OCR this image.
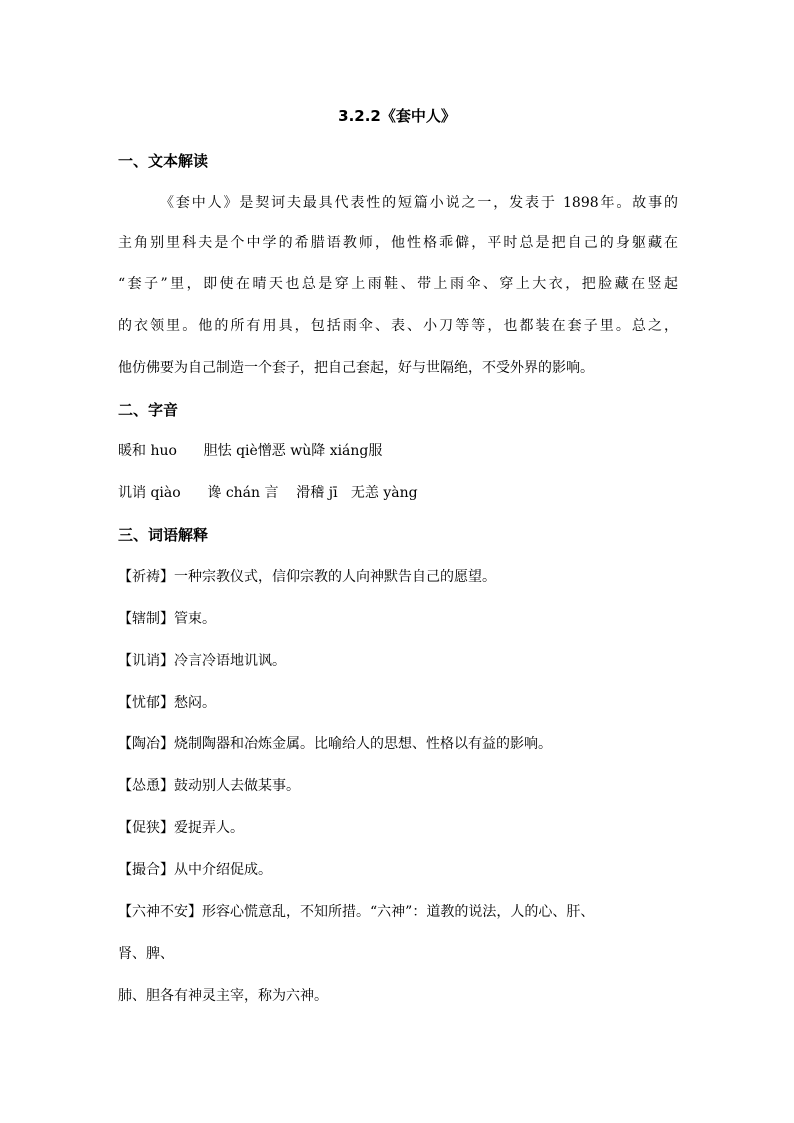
3.2.2《套中人》
一、文本解读
《套中人》是契诃夫最具代表性的短篇小说之一，发表于 1898年。故事的
主角别里科夫是个中学的希腊语教师，他性格乖僻，平时总是把自己的身躯藏在
“套子”里，即使在晴天也总是穿上雨鞋、带上雨伞、穿上大衣，把脸藏在竖起
的衣领里。他的所有用具，包括雨伞、表、小刀等等，也都装在套子里。总之，
他仿佛要为自己制造一个套子，把自己套起，好与世隔绝，不受外界的影响。
二、字音
暖和 huo      胆怯 qiè憎恶 wù降 xiáng服
讥诮 qiào      谗 chán 言    滑稽 jī   无恙 yàng
三、词语解释
【祈祷】一种宗教仪式，信仰宗教的人向神默告自己的愿望。
【辖制】管束。
【讥诮】冷言冷语地讥讽。
【忧郁】愁闷。
【陶冶】烧制陶器和冶炼金属。比喻给人的思想、性格以有益的影响。
【怂恿】鼓动别人去做某事。
【促狭】爱捉弄人。
【撮合】从中介绍促成。
【六神不安】形容心慌意乱，不知所措。“六神”：道教的说法，人的心、肝、
肾、脾、
肺、胆各有神灵主宰，称为六神。
